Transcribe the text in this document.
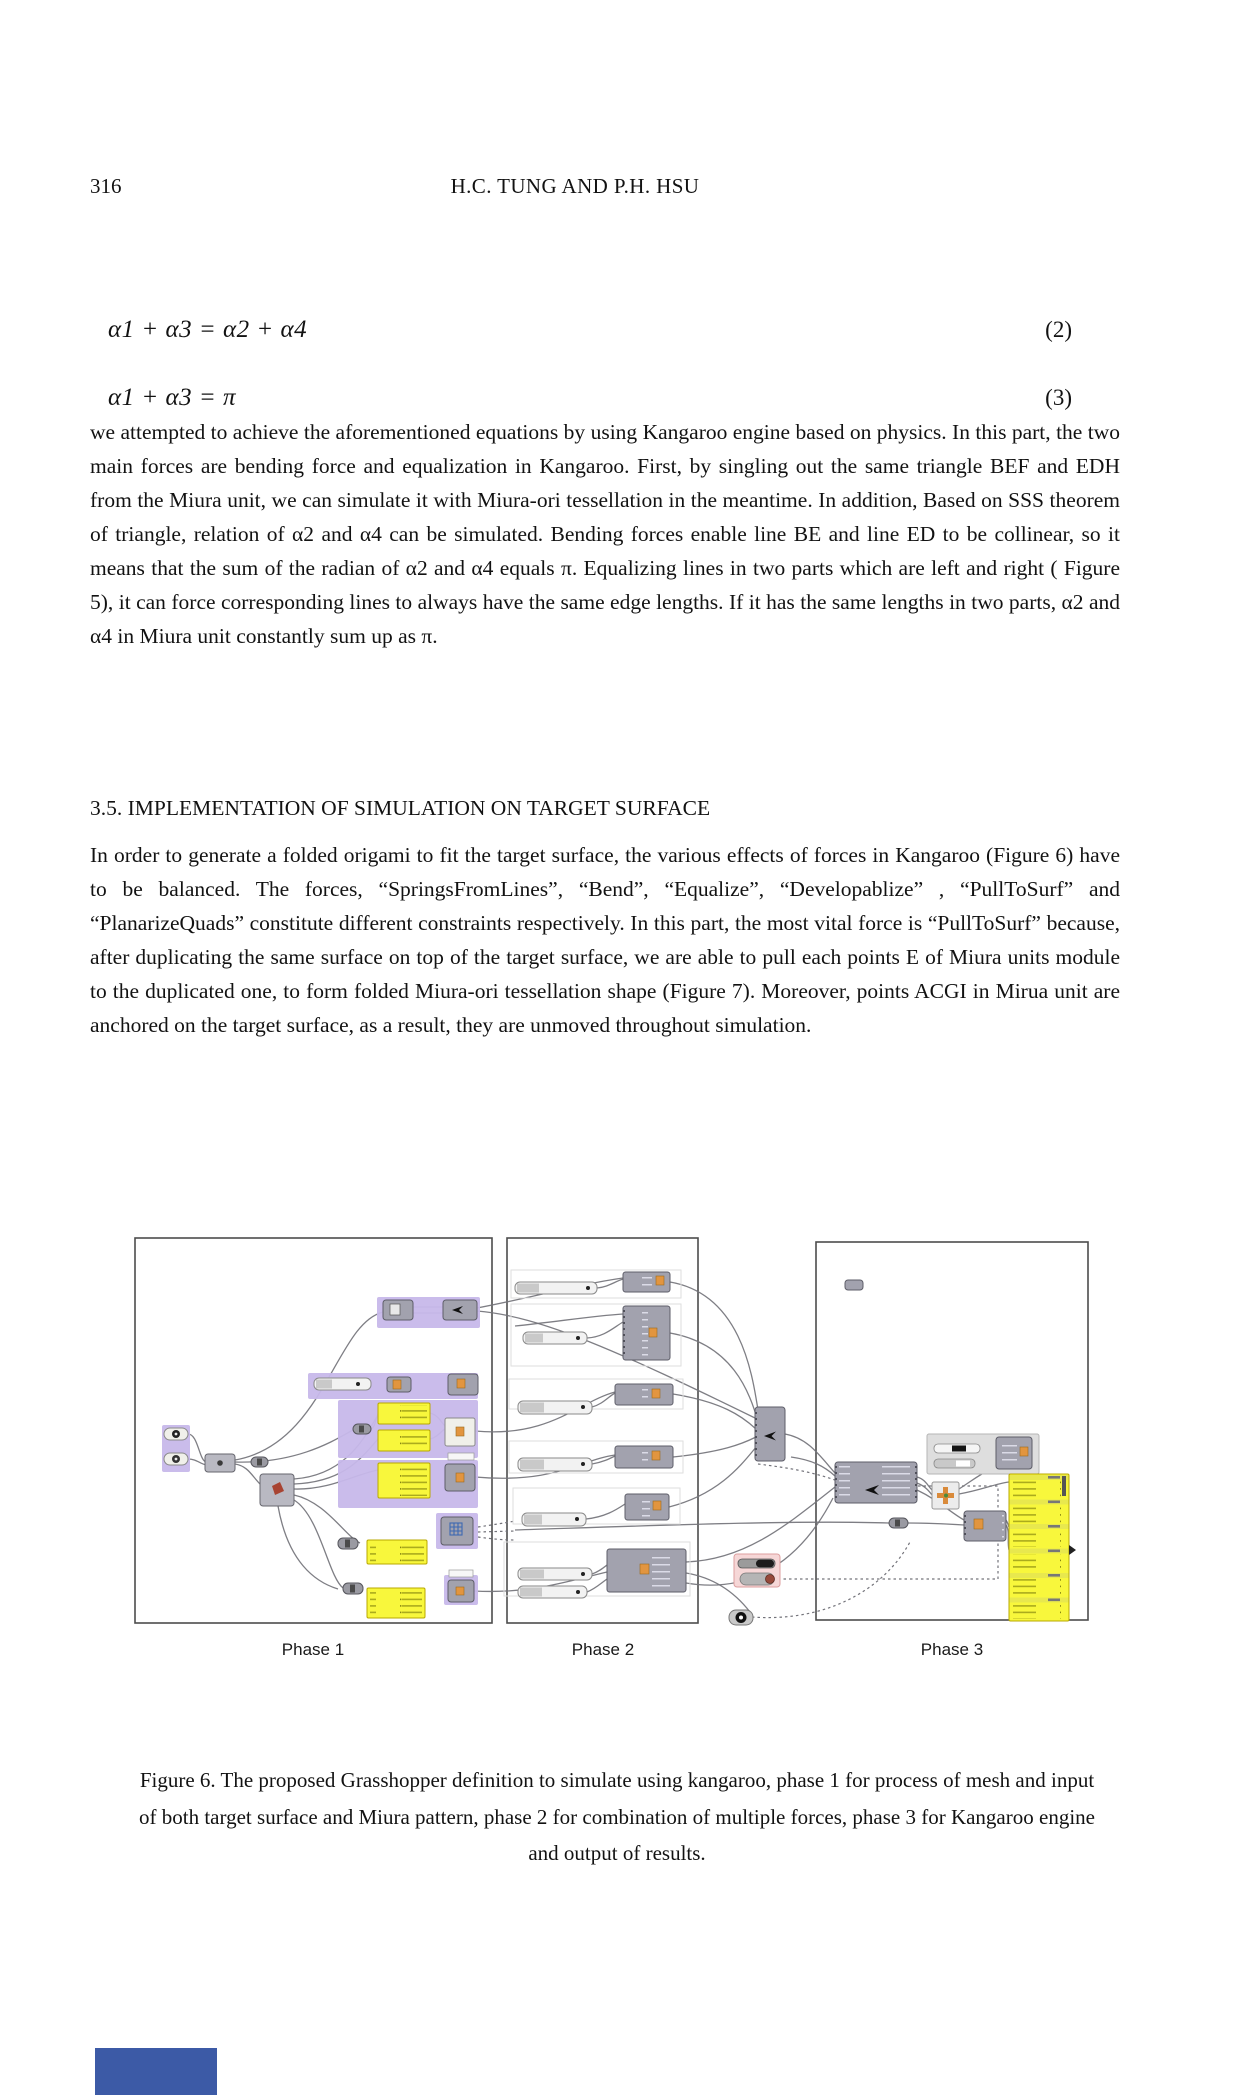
316	H.C. TUNG AND P.H. HSU
α1 + α3 = α2 + α4	(2)
α1 + α3 = π	(3)
we attempted to achieve the aforementioned equations by using Kangaroo engine based on physics. In this part, the two main forces are bending force and equalization in Kangaroo. First, by singling out the same triangle BEF and EDH from the Miura unit, we can simulate it with Miura-ori tessellation in the meantime. In addition, Based on SSS theorem of triangle, relation of α2 and α4 can be simulated. Bending forces enable line BE and line ED to be collinear, so it means that the sum of the radian of α2 and α4 equals π. Equalizing lines in two parts which are left and right ( Figure 5), it can force corresponding lines to always have the same edge lengths. If it has the same lengths in two parts, α2 and α4 in Miura unit constantly sum up as π.
3.5. IMPLEMENTATION OF SIMULATION ON TARGET SURFACE
In order to generate a folded origami to fit the target surface, the various effects of forces in Kangaroo (Figure 6) have to be balanced. The forces, “SpringsFromLines”, “Bend”, “Equalize”, “Developablize” , “PullToSurf” and “PlanarizeQuads” constitute different constraints respectively. In this part, the most vital force is “PullToSurf” because, after duplicating the same surface on top of the target surface, we are able to pull each points E of Miura units module to the duplicated one, to form folded Miura-ori tessellation shape (Figure 7). Moreover, points ACGI in Mirua unit are anchored on the target surface, as a result, they are unmoved throughout simulation.
Phase 1	Phase 2	Phase 3
Figure 6. The proposed Grasshopper definition to simulate using kangaroo, phase 1 for process of mesh and input of both target surface and Miura pattern, phase 2 for combination of multiple forces, phase 3 for Kangaroo engine and output of results.
